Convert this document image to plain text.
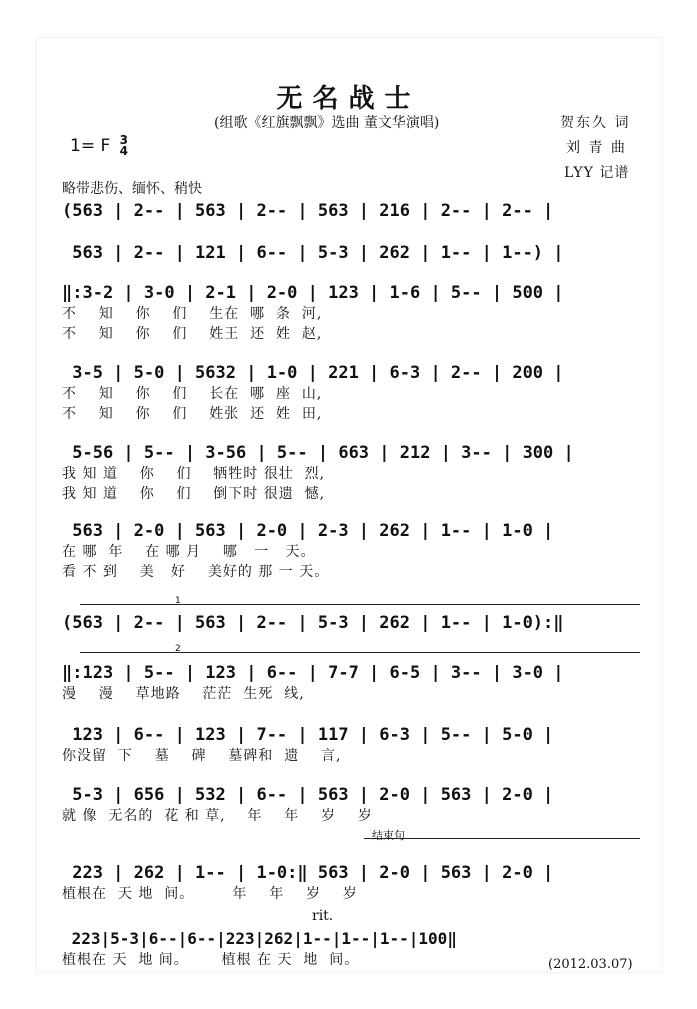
无名战士
(组歌《红旗飘飘》选曲 董文华演唱)	贺东久 词
刘 青 曲
LYY 记谱
1= F 3
4
略带悲伤、缅怀、稍快
(563 | 2-- | 563 | 2-- | 563 | 216 | 2-- | 2-- |
563 | 2-- | 121 | 6-- | 5-3 | 262 | 1-- | 1--) |
‖:3-2 | 3-0 | 2-1 | 2-0 | 123 | 1-6 | 5-- | 500 |
不    知    你    们    生在  哪  条  河,
不    知    你    们    姓王  还  姓  赵,
3-5 | 5-0 | 5632 | 1-0 | 221 | 6-3 | 2-- | 200 |
不    知    你    们    长在  哪  座  山,
不    知    你    们    姓张  还  姓  田,
5-56 | 5-- | 3-56 | 5-- | 663 | 212 | 3-- | 300 |
我 知 道    你    们    牺牲时 很壮  烈,
我 知 道    你    们    倒下时 很遗  憾,
563 | 2-0 | 563 | 2-0 | 2-3 | 262 | 1-- | 1-0 |
在 哪  年    在 哪 月    哪   一   天。
看 不 到    美   好    美好的 那 一 天。
1
(563 | 2-- | 563 | 2-- | 5-3 | 262 | 1-- | 1-0):‖
2
‖:123 | 5-- | 123 | 6-- | 7-7 | 6-5 | 3-- | 3-0 |
漫    漫    草地路    茫茫  生死  线,
123 | 6-- | 123 | 7-- | 117 | 6-3 | 5-- | 5-0 |
你没留  下    墓    碑    墓碑和  遗    言,
5-3 | 656 | 532 | 6-- | 563 | 2-0 | 563 | 2-0 |
就 像  无名的  花 和 草,    年    年    岁    岁
结束句
223 | 262 | 1-- | 1-0:‖ 563 | 2-0 | 563 | 2-0 |
植根在  天 地  间。       年    年    岁    岁
rit.
223|5-3|6--|6--|223|262|1--|1--|1--|100‖
植根在 天  地 间。      植根 在 天  地  间。	(2012.03.07)
